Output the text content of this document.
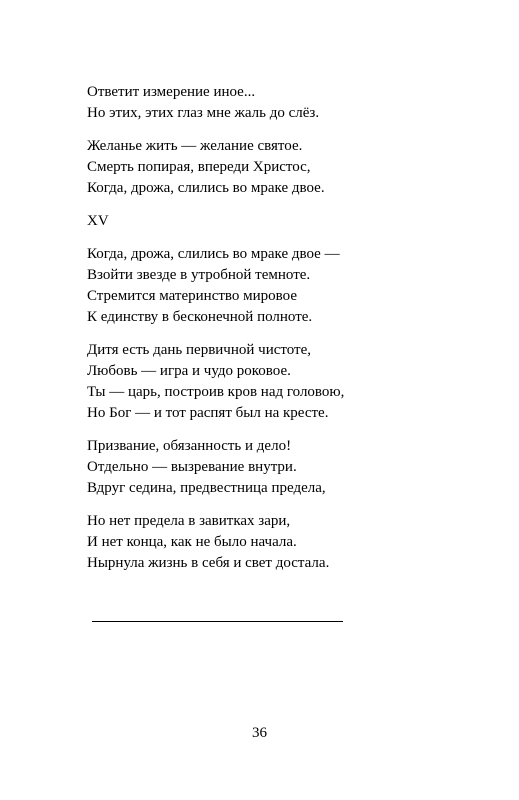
Ответит измерение иное...
Но этих, этих глаз мне жаль до слёз.
Желанье жить — желание святое.
Смерть попирая, впереди Христос,
Когда, дрожа, слились во мраке двое.
XV
Когда, дрожа, слились во мраке двое —
Взойти звезде в утробной темноте.
Стремится материнство мировое
К единству в бесконечной полноте.
Дитя есть дань первичной чистоте,
Любовь — игра и чудо роковое.
Ты — царь, построив кров над головою,
Но Бог — и тот распят был на кресте.
Призвание, обязанность и дело!
Отдельно — вызревание внутри.
Вдруг седина, предвестница предела,
Но нет предела в завитках зари,
И нет конца, как не было начала.
Нырнула жизнь в себя и свет достала.
36
